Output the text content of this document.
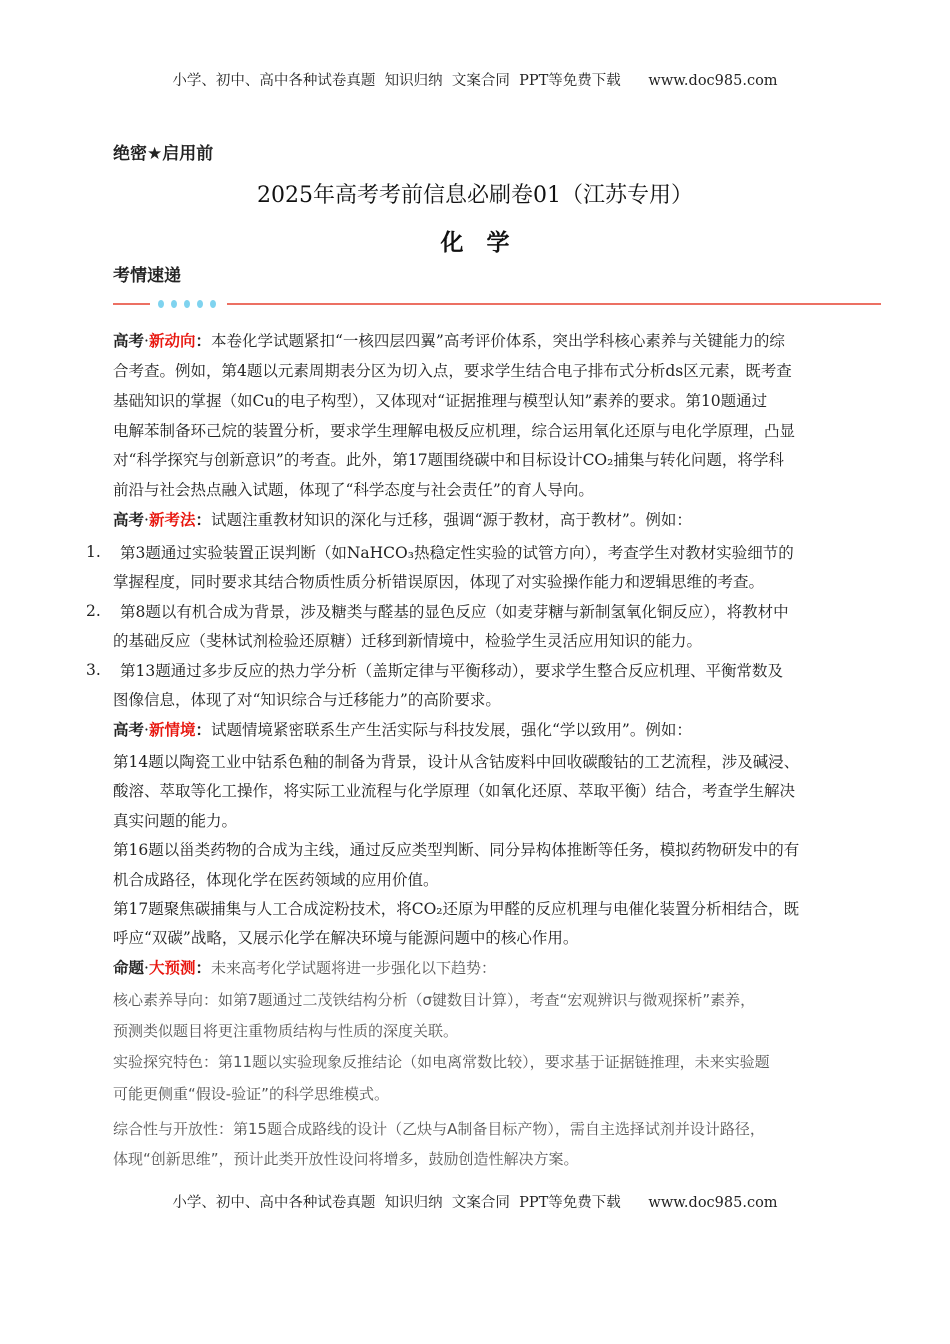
小学、初中、高中各种试卷真题  知识归纳  文案合同  PPT等免费下载      www.doc985.com
绝密★启用前
2025年高考考前信息必刷卷01（江苏专用）
化　学
考情速递
高考·新动向：本卷化学试题紧扣“一核四层四翼”高考评价体系，突出学科核心素养与关键能力的综
合考查。例如，第4题以元素周期表分区为切入点，要求学生结合电子排布式分析ds区元素，既考查
基础知识的掌握（如Cu的电子构型），又体现对“证据推理与模型认知”素养的要求。第10题通过
电解苯制备环己烷的装置分析，要求学生理解电极反应机理，综合运用氧化还原与电化学原理，凸显
对“科学探究与创新意识”的考查。此外，第17题围绕碳中和目标设计CO₂捕集与转化问题，将学科
前沿与社会热点融入试题，体现了“科学态度与社会责任”的育人导向。
高考·新考法：试题注重教材知识的深化与迁移，强调“源于教材，高于教材”。例如：
1. 第3题通过实验装置正误判断（如NaHCO₃热稳定性实验的试管方向），考查学生对教材实验细节的
掌握程度，同时要求其结合物质性质分析错误原因，体现了对实验操作能力和逻辑思维的考查。
2. 第8题以有机合成为背景，涉及糖类与醛基的显色反应（如麦芽糖与新制氢氧化铜反应），将教材中
的基础反应（斐林试剂检验还原糖）迁移到新情境中，检验学生灵活应用知识的能力。
3. 第13题通过多步反应的热力学分析（盖斯定律与平衡移动），要求学生整合反应机理、平衡常数及
图像信息，体现了对“知识综合与迁移能力”的高阶要求。
高考·新情境：试题情境紧密联系生产生活实际与科技发展，强化“学以致用”。例如：
第14题以陶瓷工业中钴系色釉的制备为背景，设计从含钴废料中回收碳酸钴的工艺流程，涉及碱浸、
酸溶、萃取等化工操作，将实际工业流程与化学原理（如氧化还原、萃取平衡）结合，考查学生解决
真实问题的能力。
第16题以甾类药物的合成为主线，通过反应类型判断、同分异构体推断等任务，模拟药物研发中的有
机合成路径，体现化学在医药领域的应用价值。
第17题聚焦碳捕集与人工合成淀粉技术，将CO₂还原为甲醛的反应机理与电催化装置分析相结合，既
呼应“双碳”战略，又展示化学在解决环境与能源问题中的核心作用。
命题·大预测：未来高考化学试题将进一步强化以下趋势：
核心素养导向：如第7题通过二茂铁结构分析（σ键数目计算），考查“宏观辨识与微观探析”素养，
预测类似题目将更注重物质结构与性质的深度关联。
实验探究特色：第11题以实验现象反推结论（如电离常数比较），要求基于证据链推理，未来实验题
可能更侧重“假设-验证”的科学思维模式。
综合性与开放性：第15题合成路线的设计（乙炔与A制备目标产物），需自主选择试剂并设计路径，
体现“创新思维”，预计此类开放性设问将增多，鼓励创造性解决方案。
小学、初中、高中各种试卷真题  知识归纳  文案合同  PPT等免费下载      www.doc985.com
